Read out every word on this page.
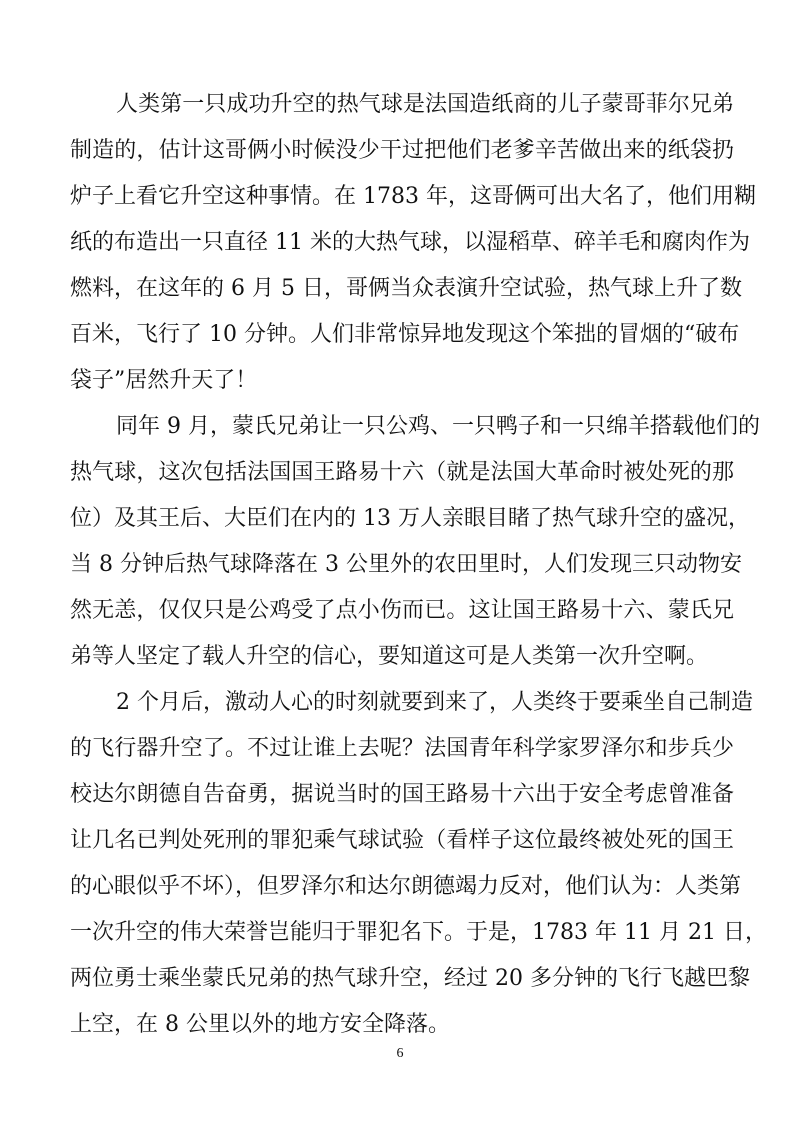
人类第一只成功升空的热气球是法国造纸商的儿子蒙哥菲尔兄弟
制造的，估计这哥俩小时候没少干过把他们老爹辛苦做出来的纸袋扔
炉子上看它升空这种事情。在 1783 年，这哥俩可出大名了，他们用糊
纸的布造出一只直径 11 米的大热气球，以湿稻草、碎羊毛和腐肉作为
燃料，在这年的 6 月 5 日，哥俩当众表演升空试验，热气球上升了数
百米，飞行了 10 分钟。人们非常惊异地发现这个笨拙的冒烟的“破布
袋子”居然升天了！
同年 9 月，蒙氏兄弟让一只公鸡、一只鸭子和一只绵羊搭载他们的
热气球，这次包括法国国王路易十六（就是法国大革命时被处死的那
位）及其王后、大臣们在内的 13 万人亲眼目睹了热气球升空的盛况，
当 8 分钟后热气球降落在 3 公里外的农田里时，人们发现三只动物安
然无恙，仅仅只是公鸡受了点小伤而已。这让国王路易十六、蒙氏兄
弟等人坚定了载人升空的信心，要知道这可是人类第一次升空啊。
2 个月后，激动人心的时刻就要到来了，人类终于要乘坐自己制造
的飞行器升空了。不过让谁上去呢？法国青年科学家罗泽尔和步兵少
校达尔朗德自告奋勇，据说当时的国王路易十六出于安全考虑曾准备
让几名已判处死刑的罪犯乘气球试验（看样子这位最终被处死的国王
的心眼似乎不坏），但罗泽尔和达尔朗德竭力反对，他们认为：人类第
一次升空的伟大荣誉岂能归于罪犯名下。于是，1783 年 11 月 21 日，
两位勇士乘坐蒙氏兄弟的热气球升空，经过 20 多分钟的飞行飞越巴黎
上空，在 8 公里以外的地方安全降落。
6
